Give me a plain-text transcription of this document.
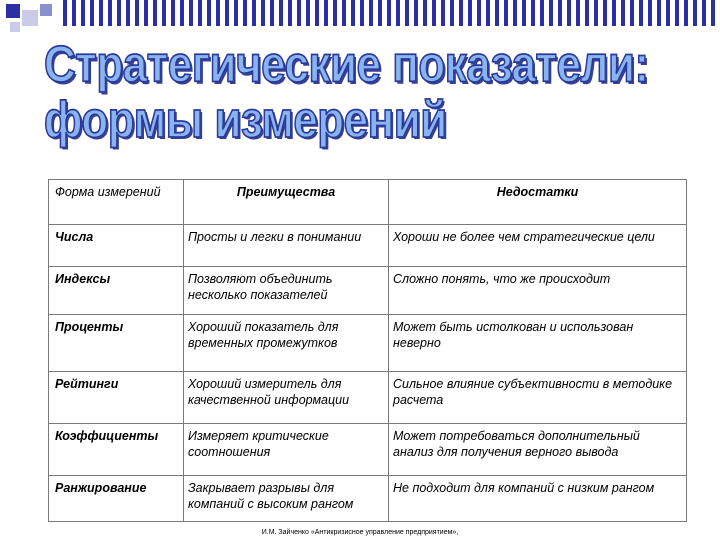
Стратегические показатели:
формы измерений
Форма измерений	Преимущества	Недостатки
Числа	Просты и легки в понимании	Хороши не более чем стратегические цели
Индексы	Позволяют объединить несколько показателей	Сложно понять, что же происходит
Проценты	Хороший показатель для временных промежутков	Может быть истолкован и использован неверно
Рейтинги	Хороший измеритель для качественной информации	Сильное влияние субъективности в методике расчета
Коэффициенты	Измеряет критические соотношения	Может потребоваться дополнительный анализ для получения верного вывода
Ранжирование	Закрывает разрывы для компаний с высоким рангом	Не подходит для компаний с низким рангом
И.М. Зайченко «Антикризисное управление предприятием»,
